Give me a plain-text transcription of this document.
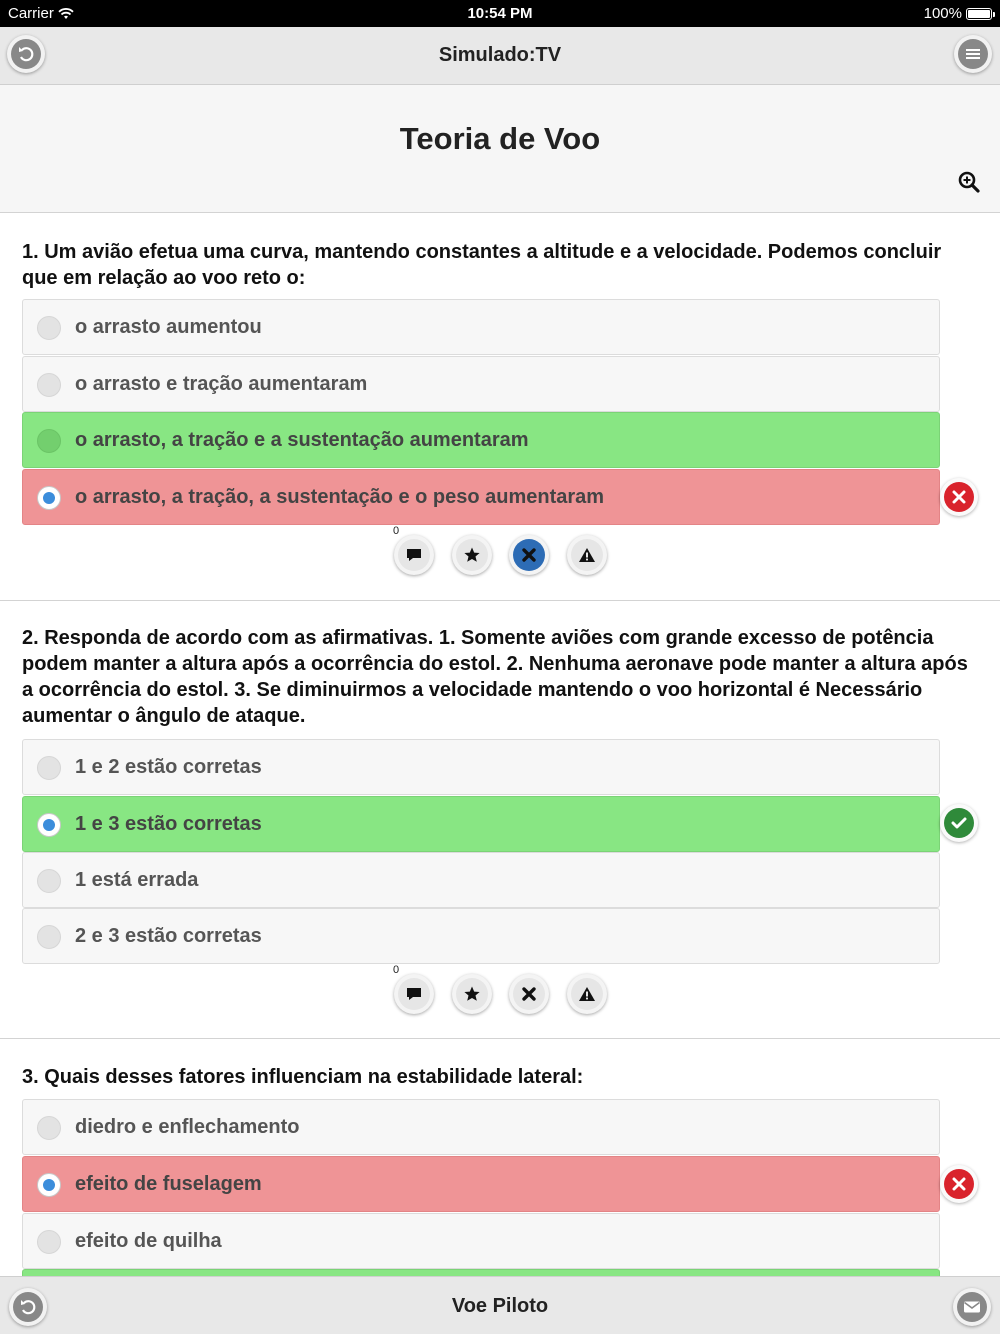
Carrier	10:54 PM	100%
Simulado:TV
Teoria de Voo
1. Um avião efetua uma curva, mantendo constantes a altitude e a velocidade. Podemos concluir que em relação ao voo reto o:
o arrasto aumentou
o arrasto e tração aumentaram
o arrasto, a tração e a sustentação aumentaram
o arrasto, a tração, a sustentação e o peso aumentaram
0
2. Responda de acordo com as afirmativas. 1. Somente aviões com grande excesso de potência podem manter a altura após a ocorrência do estol. 2. Nenhuma aeronave pode manter a altura após a ocorrência do estol. 3. Se diminuirmos a velocidade mantendo o voo horizontal é Necessário aumentar o ângulo de ataque.
1 e 2 estão corretas
1 e 3 estão corretas
1 está errada
2 e 3 estão corretas
0
3. Quais desses fatores influenciam na estabilidade lateral:
diedro e enflechamento
efeito de fuselagem
efeito de quilha
Voe Piloto
